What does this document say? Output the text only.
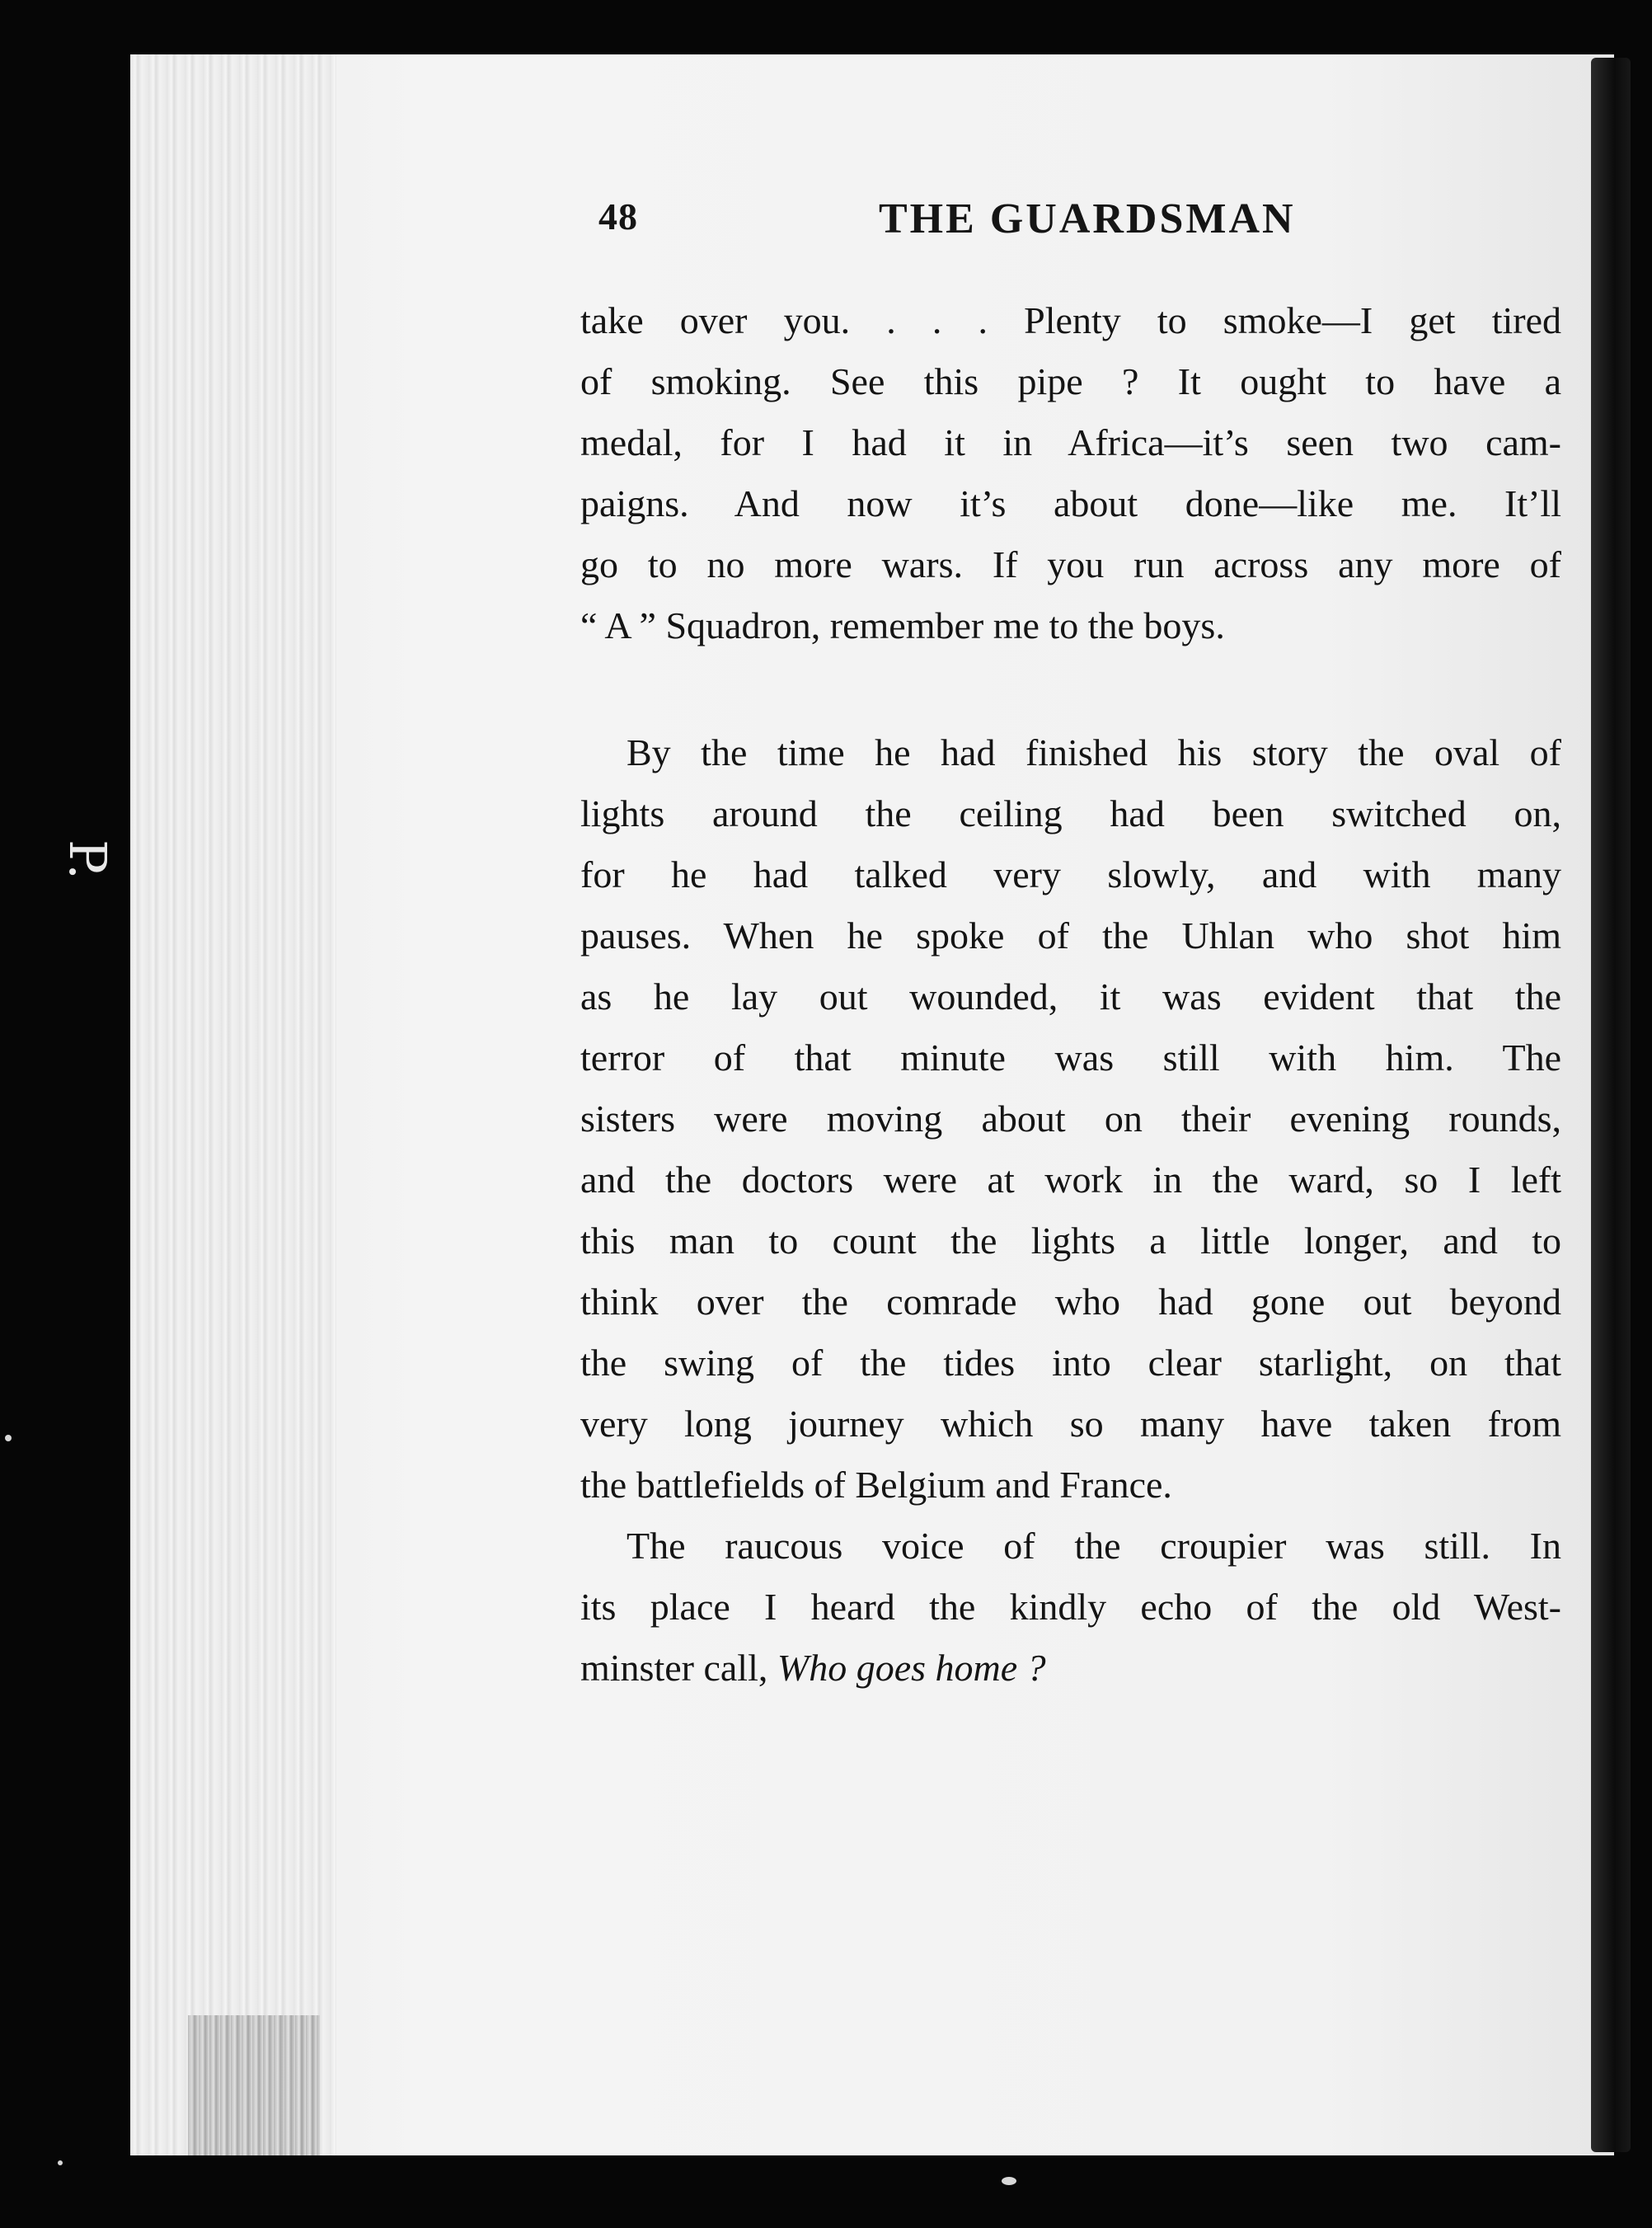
P.
48	THE GUARDSMAN
take over you. . . . Plenty to smoke—I get tired
of smoking. See this pipe ? It ought to have a
medal, for I had it in Africa—it’s seen two cam-
paigns. And now it’s about done—like me. It’ll
go to no more wars. If you run across any more of
“ A ” Squadron, remember me to the boys.
By the time he had finished his story the oval of
lights around the ceiling had been switched on,
for he had talked very slowly, and with many
pauses. When he spoke of the Uhlan who shot him
as he lay out wounded, it was evident that the
terror of that minute was still with him. The
sisters were moving about on their evening rounds,
and the doctors were at work in the ward, so I left
this man to count the lights a little longer, and to
think over the comrade who had gone out beyond
the swing of the tides into clear starlight, on that
very long journey which so many have taken from
the battlefields of Belgium and France.
The raucous voice of the croupier was still. In
its place I heard the kindly echo of the old West-
minster call, Who goes home ?
